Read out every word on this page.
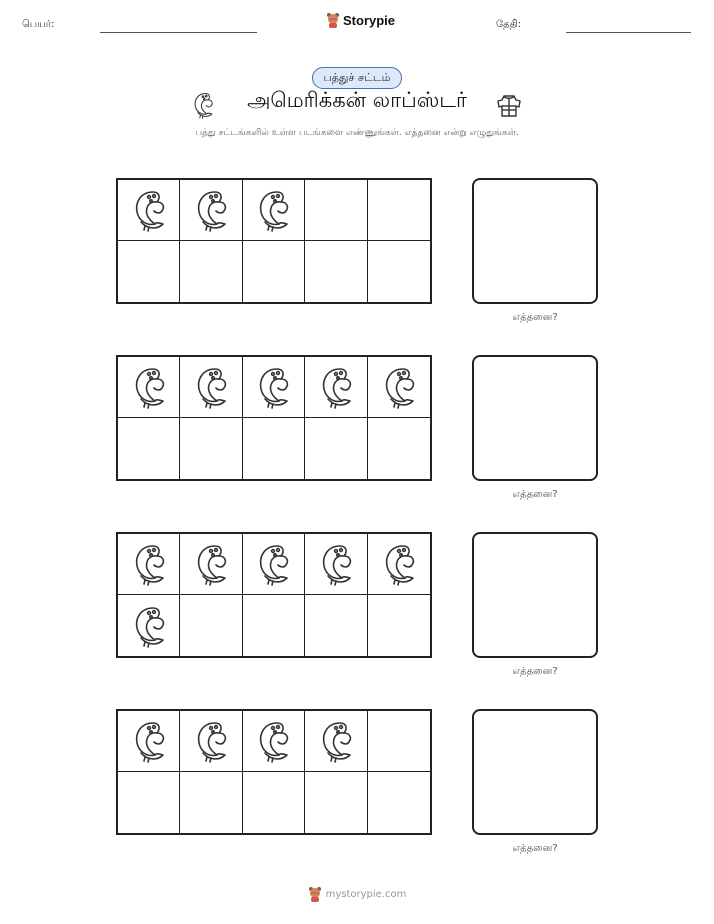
பெயர்:	Storypie	தேதி:
பத்துச் சட்டம்
அமெரிக்கன் லாப்ஸ்டர்
பத்து சட்டங்களில் உள்ள படங்களை எண்ணுங்கள். எத்தனை என்று எழுதுங்கள்.
எத்தனை?
எத்தனை?
எத்தனை?
எத்தனை?
mystorypie.com
